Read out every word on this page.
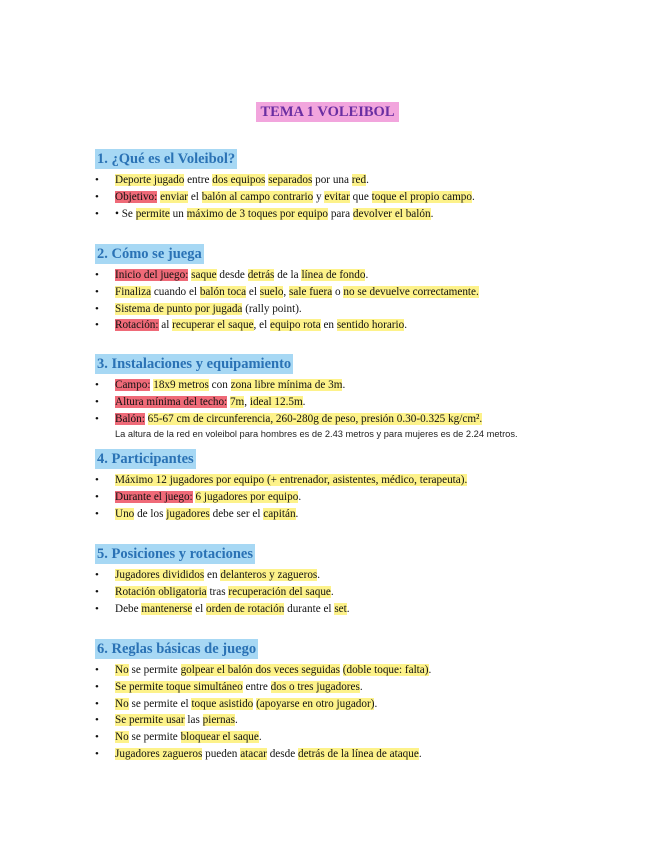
TEMA 1 VOLEIBOL
1. ¿Qué es el Voleibol?
• Deporte jugado entre dos equipos separados por una red.
• Objetivo: enviar el balón al campo contrario y evitar que toque el propio campo.
• • Se permite un máximo de 3 toques por equipo para devolver el balón.
2. Cómo se juega
• Inicio del juego: saque desde detrás de la línea de fondo.
• Finaliza cuando el balón toca el suelo, sale fuera o no se devuelve correctamente.
• Sistema de punto por jugada (rally point).
• Rotación: al recuperar el saque, el equipo rota en sentido horario.
3. Instalaciones y equipamiento
• Campo: 18x9 metros con zona libre mínima de 3m.
• Altura mínima del techo: 7m, ideal 12.5m.
• Balón: 65-67 cm de circunferencia, 260-280g de peso, presión 0.30-0.325 kg/cm².
La altura de la red en voleibol para hombres es de 2.43 metros y para mujeres es de 2.24 metros.
4. Participantes
• Máximo 12 jugadores por equipo (+ entrenador, asistentes, médico, terapeuta).
• Durante el juego: 6 jugadores por equipo.
• Uno de los jugadores debe ser el capitán.
5. Posiciones y rotaciones
• Jugadores divididos en delanteros y zagueros.
• Rotación obligatoria tras recuperación del saque.
• Debe mantenerse el orden de rotación durante el set.
6. Reglas básicas de juego
• No se permite golpear el balón dos veces seguidas (doble toque: falta).
• Se permite toque simultáneo entre dos o tres jugadores.
• No se permite el toque asistido (apoyarse en otro jugador).
• Se permite usar las piernas.
• No se permite bloquear el saque.
• Jugadores zagueros pueden atacar desde detrás de la línea de ataque.
